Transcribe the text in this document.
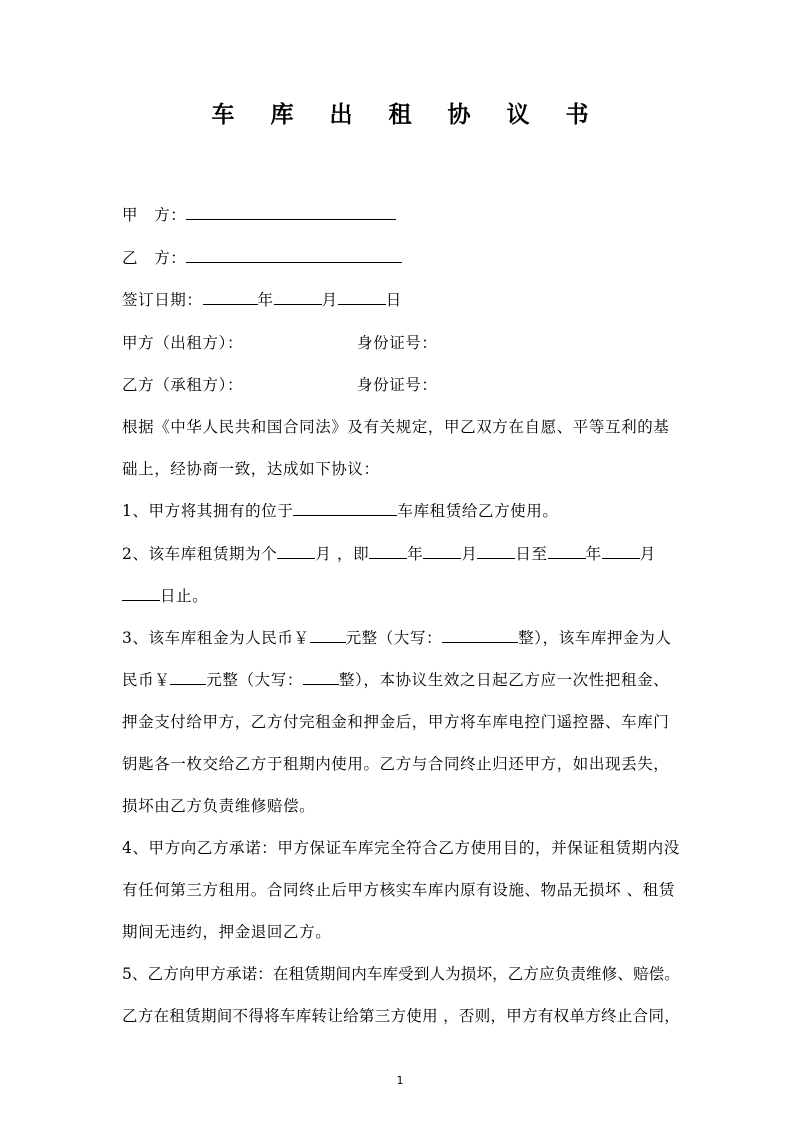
车 库 出 租 协 议 书
甲　方：
乙　方：
签订日期：	年	月	日
甲方（出租方）：	身份证号：
乙方（承租方）：	身份证号：
根据《中华人民共和国合同法》及有关规定，甲乙双方在自愿、平等互利的基
础上，经协商一致，达成如下协议：
1、甲方将其拥有的位于	车库租赁给乙方使用。
2、该车库租赁期为个 月 ，即 年 月 日至 年 月
日止。
3、该车库租金为人民币￥ 元整（大写：	整），该车库押金为人
民币￥ 元整（大写： 整），本协议生效之日起乙方应一次性把租金、
押金支付给甲方，乙方付完租金和押金后，甲方将车库电控门遥控器、车库门
钥匙各一枚交给乙方于租期内使用。乙方与合同终止归还甲方，如出现丢失，
损坏由乙方负责维修赔偿。
4、甲方向乙方承诺：甲方保证车库完全符合乙方使用目的，并保证租赁期内没
有任何第三方租用。合同终止后甲方核实车库内原有设施、物品无损坏 、租赁
期间无违约，押金退回乙方。
5、乙方向甲方承诺：在租赁期间内车库受到人为损坏，乙方应负责维修、赔偿。
乙方在租赁期间不得将车库转让给第三方使用 ，否则，甲方有权单方终止合同，
1
